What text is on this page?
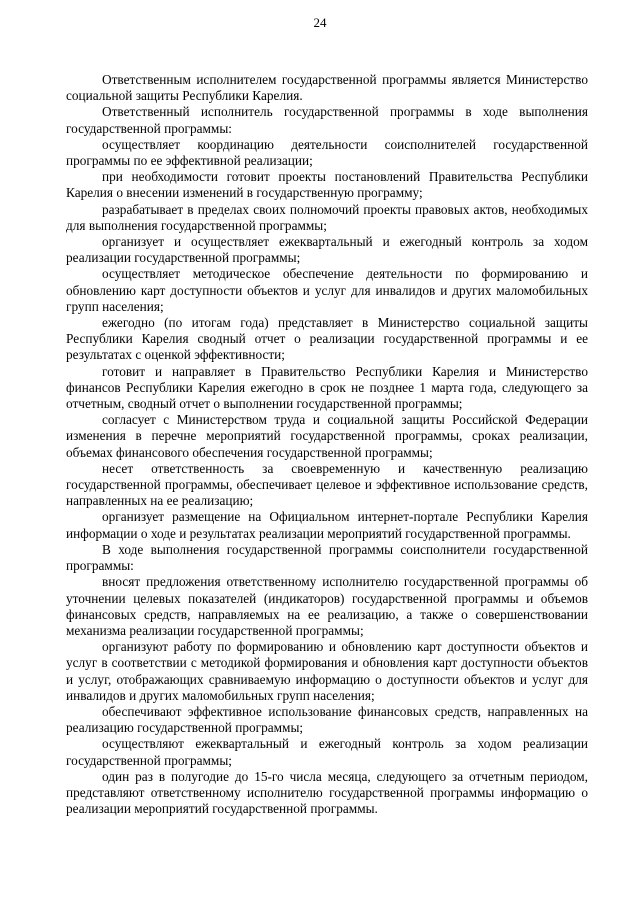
24

Ответственным исполнителем государственной программы является Министерство социальной защиты Республики Карелия.

Ответственный исполнитель государственной программы в ходе выполнения государственной программы:

осуществляет координацию деятельности соисполнителей государственной программы по ее эффективной реализации;

при необходимости готовит проекты постановлений Правительства Республики Карелия о внесении изменений в государственную программу;

разрабатывает в пределах своих полномочий проекты правовых актов, необходимых для выполнения государственной программы;

организует и осуществляет ежеквартальный и ежегодный контроль за ходом реализации государственной программы;

осуществляет методическое обеспечение деятельности по формированию и обновлению карт доступности объектов и услуг для инвалидов и других маломобильных групп населения;

ежегодно (по итогам года) представляет в Министерство социальной защиты Республики Карелия сводный отчет о реализации государственной программы и ее результатах с оценкой эффективности;

готовит и направляет в Правительство Республики Карелия и Министерство финансов Республики Карелия ежегодно в срок не позднее 1 марта года, следующего за отчетным, сводный отчет о выполнении государственной программы;

согласует с Министерством труда и социальной защиты Российской Федерации изменения в перечне мероприятий государственной программы, сроках реализации, объемах финансового обеспечения государственной программы;

несет ответственность за своевременную и качественную реализацию государственной программы, обеспечивает целевое и эффективное использование средств, направленных на ее реализацию;

организует размещение на Официальном интернет-портале Республики Карелия информации о ходе и результатах реализации мероприятий государственной программы.

В ходе выполнения государственной программы соисполнители государственной программы:

вносят предложения ответственному исполнителю государственной программы об уточнении целевых показателей (индикаторов) государственной программы и объемов финансовых средств, направляемых на ее реализацию, а также о совершенствовании механизма реализации государственной программы;

организуют работу по формированию и обновлению карт доступности объектов и услуг в соответствии с методикой формирования и обновления карт доступности объектов и услуг, отображающих сравниваемую информацию о доступности объектов и услуг для инвалидов и других маломобильных групп населения;

обеспечивают эффективное использование финансовых средств, направленных на реализацию государственной программы;

осуществляют ежеквартальный и ежегодный контроль за ходом реализации государственной программы;

один раз в полугодие до 15-го числа месяца, следующего за отчетным периодом, представляют ответственному исполнителю государственной программы информацию о реализации мероприятий государственной программы.
